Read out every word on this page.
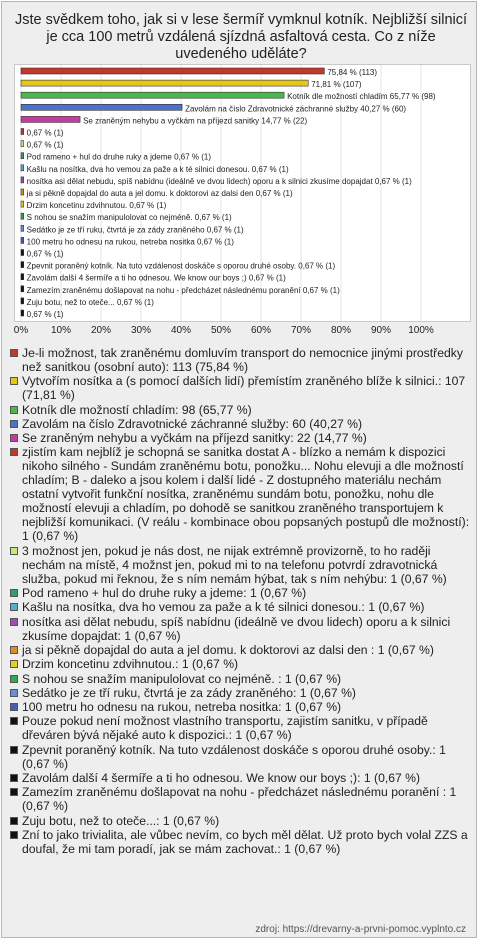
Jste svědkem toho, jak si v lese šermíř vymknul kotník. Nejbližší silnicí je cca 100 metrů vzdálená sjízdná asfaltová cesta. Co z níže uvedeného uděláte?
75,84 % (113)
71,81 % (107)
Kotník dle možností chladím 65,77 % (98)
Zavolám na číslo Zdravotnické záchranné služby 40,27 % (60)
Se zraněným nehybu a vyčkám na příjezd sanitky 14,77 % (22)
0,67 % (1)
0,67 % (1)
Pod rameno + hul do druhe ruky a jdeme 0,67 % (1)
Kašlu na nosítka, dva ho vemou za paže a k té silnici donesou. 0,67 % (1)
nosítka asi dělat nebudu, spíš nabídnu (ideálně ve dvou lidech) oporu a k silnici zkusíme dopajdat 0,67 % (1)
ja si pěkně dopajdal do auta a jel domu. k doktorovi az dalsi den 0,67 % (1)
Drzim koncetinu zdvihnutou. 0,67 % (1)
S nohou se snažím manipulolovat co nejméně. 0,67 % (1)
Sedátko je ze tří ruku, čtvrtá je za zády zraněného 0,67 % (1)
100 metru ho odnesu na rukou, netreba nositka 0,67 % (1)
0,67 % (1)
Zpevnit poraněný kotník. Na tuto vzdálenost doskáče s oporou druhé osoby. 0,67 % (1)
Zavolám další 4 šermíře a ti ho odnesou. We know our boys ;) 0,67 % (1)
Zamezím zraněnému došlapovat na nohu - předcházet následnému poranění 0,67 % (1)
Zuju botu, než to oteče... 0,67 % (1)
0,67 % (1)
0% 10% 20% 30% 40% 50% 60% 70% 80% 90% 100%
Je-li možnost, tak zraněnému domluvím transport do nemocnice jinými prostředky než sanitkou (osobní auto): 113 (75,84 %)
Vytvořím nosítka a (s pomocí dalších lidí) přemístím zraněného blíže k silnici.: 107 (71,81 %)
Kotník dle možností chladím: 98 (65,77 %)
Zavolám na číslo Zdravotnické záchranné služby: 60 (40,27 %)
Se zraněným nehybu a vyčkám na příjezd sanitky: 22 (14,77 %)
zjistím kam nejblíž je schopná se sanitka dostat A - blízko a nemám k dispozici nikoho silného - Sundám zraněnému botu, ponožku... Nohu elevuji a dle možností chladím; B - daleko a jsou kolem i další lidé - Z dostupného materiálu nechám ostatní vytvořit funkční nosítka, zraněnému sundám botu, ponožku, nohu dle možností elevuji a chladím, po dohodě se sanitkou zraněného transportujem k nejbližší komunikaci. (V reálu - kombinace obou popsaných postupů dle možností): 1 (0,67 %)
3 možnost jen, pokud je nás dost, ne nijak extrémně provizorně, to ho raději nechám na místě, 4 možnst jen, pokud mi to na telefonu potvrdí zdravotnická služba, pokud mi řeknou, že s ním nemám hýbat, tak s ním nehýbu: 1 (0,67 %)
Pod rameno + hul do druhe ruky a jdeme: 1 (0,67 %)
Kašlu na nosítka, dva ho vemou za paže a k té silnici donesou.: 1 (0,67 %)
nosítka asi dělat nebudu, spíš nabídnu (ideálně ve dvou lidech) oporu a k silnici zkusíme dopajdat: 1 (0,67 %)
ja si pěkně dopajdal do auta a jel domu. k doktorovi az dalsi den : 1 (0,67 %)
Drzim koncetinu zdvihnutou.: 1 (0,67 %)
S nohou se snažím manipulolovat co nejméně. : 1 (0,67 %)
Sedátko je ze tří ruku, čtvrtá je za zády zraněného: 1 (0,67 %)
100 metru ho odnesu na rukou, netreba nositka: 1 (0,67 %)
Pouze pokud není možnost vlastního transportu, zajistím sanitku, v případě dřeváren bývá nějaké auto k dispozici.: 1 (0,67 %)
Zpevnit poraněný kotník. Na tuto vzdálenost doskáče s oporou druhé osoby.: 1 (0,67 %)
Zavolám další 4 šermíře a ti ho odnesou. We know our boys ;): 1 (0,67 %)
Zamezím zraněnému došlapovat na nohu - předcházet následnému poranění : 1 (0,67 %)
Zuju botu, než to oteče...: 1 (0,67 %)
Zní to jako trivialita, ale vůbec nevím, co bych měl dělat. Už proto bych volal ZZS a doufal, že mi tam poradí, jak se mám zachovat.: 1 (0,67 %)
zdroj: https://drevarny-a-prvni-pomoc.vyplnto.cz
